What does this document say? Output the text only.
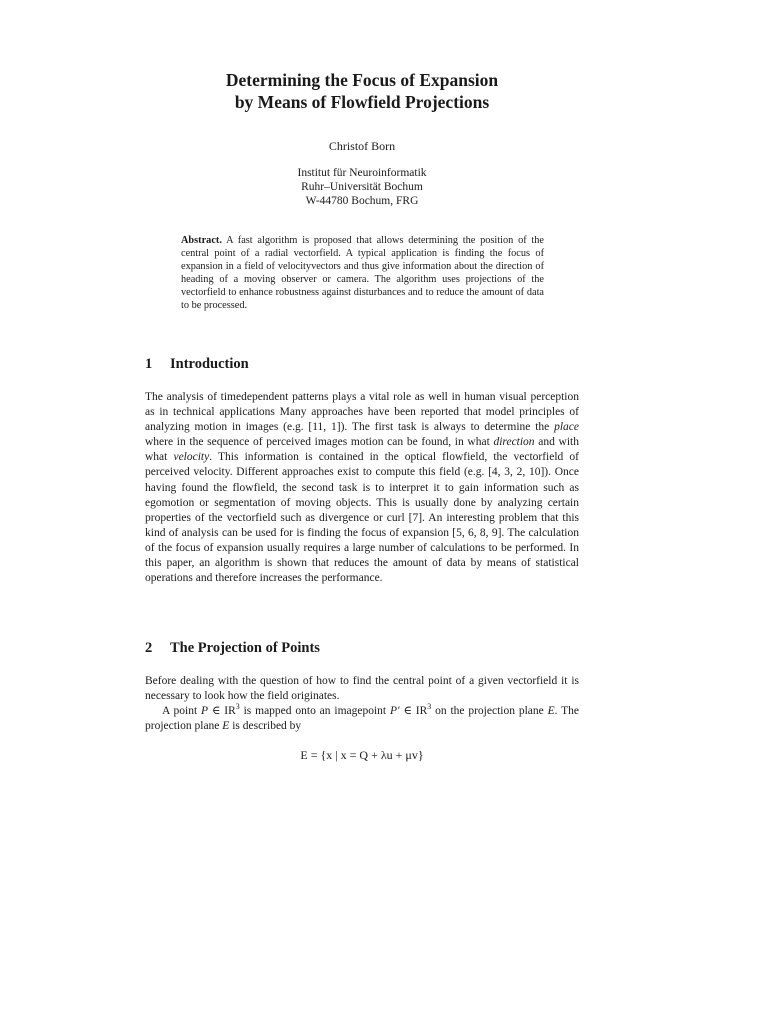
Determining the Focus of Expansion
by Means of Flowfield Projections
Christof Born
Institut für Neuroinformatik
Ruhr–Universität Bochum
W-44780 Bochum, FRG
Abstract. A fast algorithm is proposed that allows determining the position of the central point of a radial vectorfield. A typical application is finding the focus of expansion in a field of velocityvectors and thus give information about the direction of heading of a moving observer or camera. The algorithm uses projections of the vectorfield to enhance robustness against disturbances and to reduce the amount of data to be processed.
1 Introduction

The analysis of timedependent patterns plays a vital role as well in human visual perception as in technical applications Many approaches have been reported that model principles of analyzing motion in images (e.g. [11, 1]). The first task is always to determine the place where in the sequence of perceived images motion can be found, in what direction and with what velocity. This information is contained in the optical flowfield, the vectorfield of perceived velocity. Different approaches exist to compute this field (e.g. [4, 3, 2, 10]). Once having found the flowfield, the second task is to interpret it to gain information such as egomotion or segmentation of moving objects. This is usually done by analyzing certain properties of the vectorfield such as divergence or curl [7]. An interesting problem that this kind of analysis can be used for is finding the focus of expansion [5, 6, 8, 9]. The calculation of the focus of expansion usually requires a large number of calculations to be performed. In this paper, an algorithm is shown that reduces the amount of data by means of statistical operations and therefore increases the performance.

2 The Projection of Points

Before dealing with the question of how to find the central point of a given vectorfield it is necessary to look how the field originates.

A point P ∈ $IR^3$ is mapped onto an imagepoint P′ ∈ $IR^3$ on the projection plane E. The projection plane E is described by

E = {x | x = Q + λu + μv}
